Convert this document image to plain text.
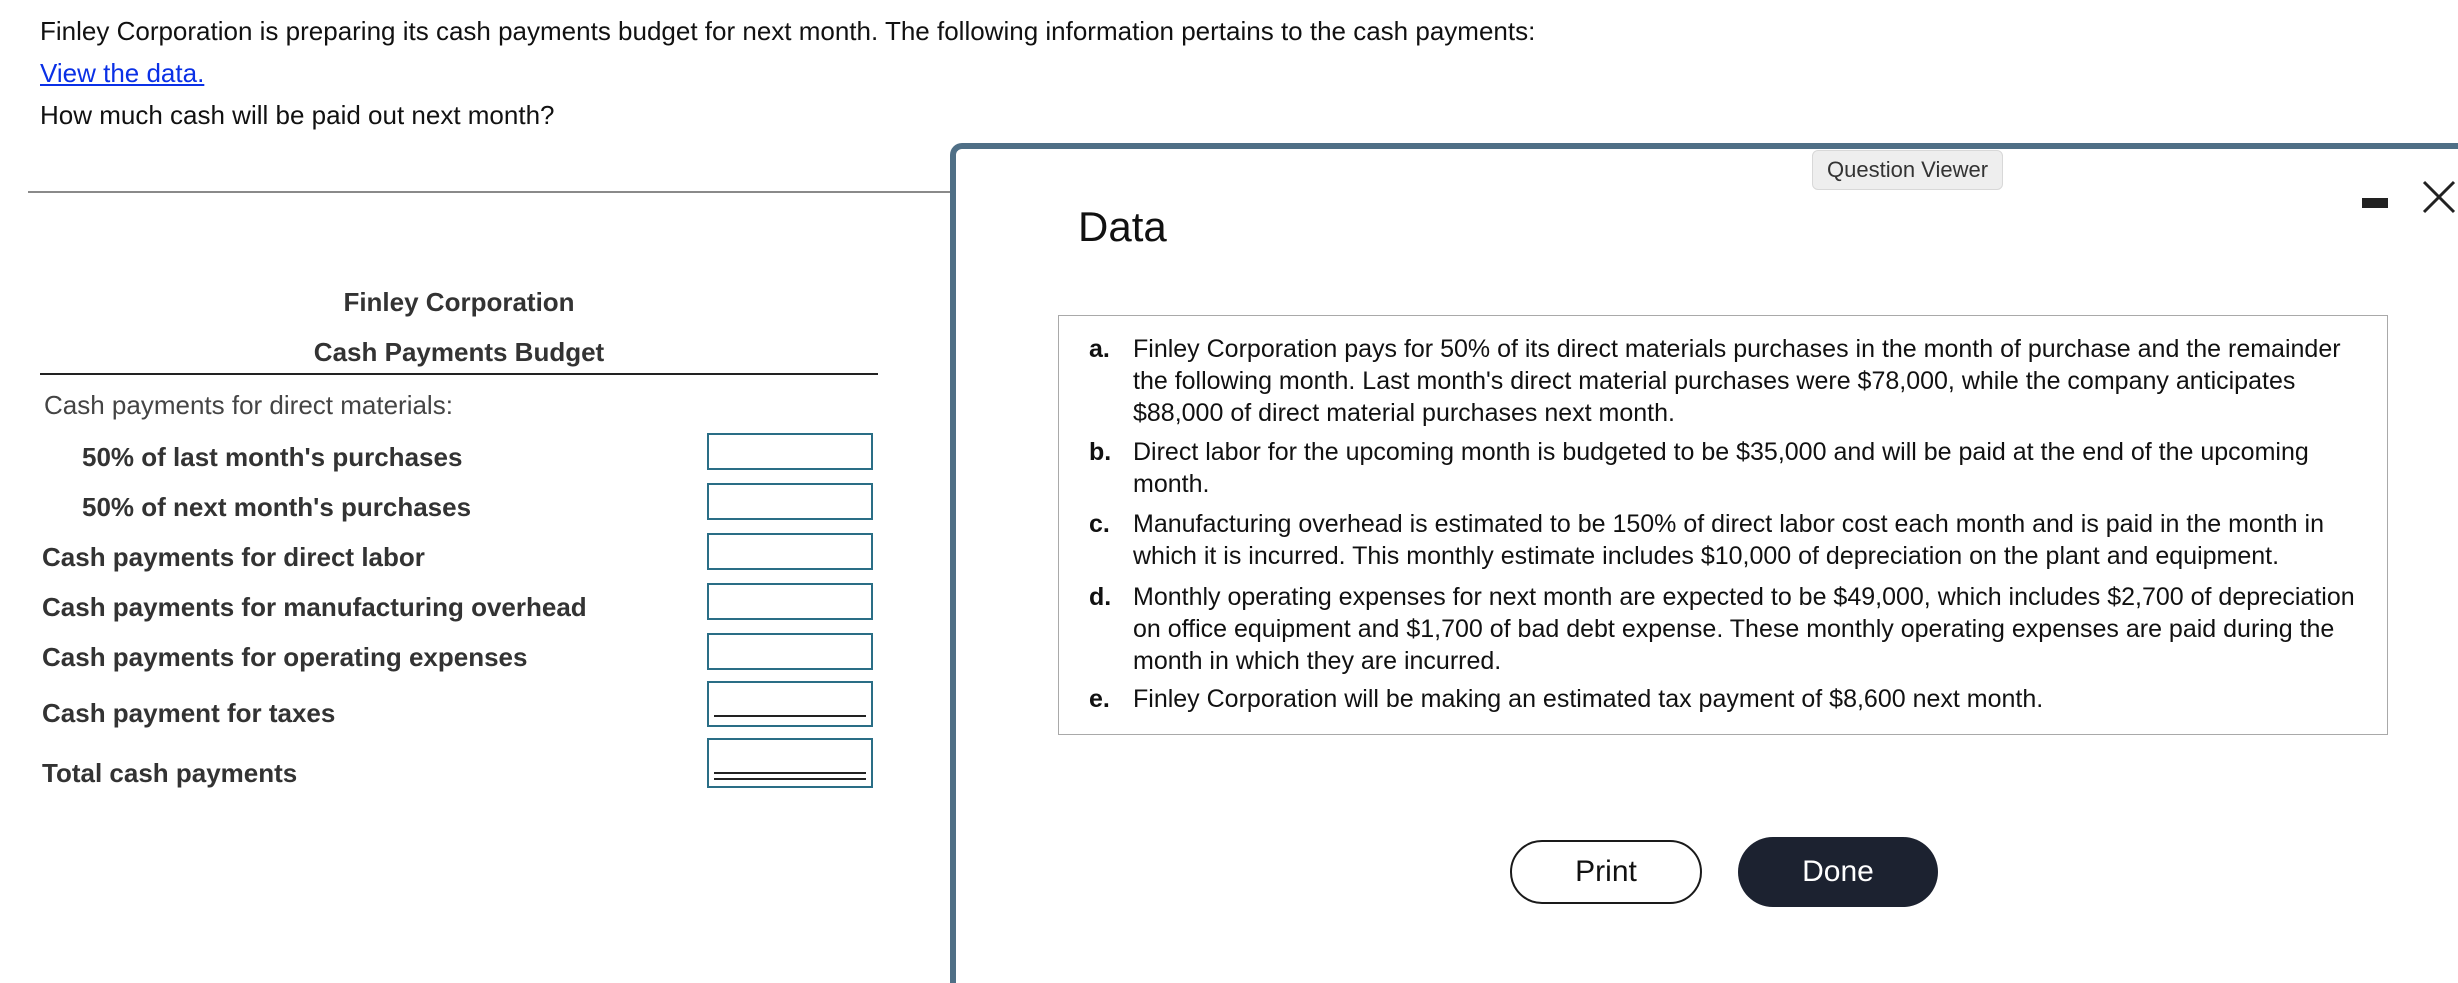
Finley Corporation is preparing its cash payments budget for next month. The following information pertains to the cash payments:
View the data.
How much cash will be paid out next month?
Finley Corporation
Cash Payments Budget
Cash payments for direct materials:
50% of last month's purchases
50% of next month's purchases
Cash payments for direct labor
Cash payments for manufacturing overhead
Cash payments for operating expenses
Cash payment for taxes
Total cash payments
Question Viewer
Data
a. Finley Corporation pays for 50% of its direct materials purchases in the month of purchase and the remainder the following month. Last month's direct material purchases were $78,000, while the company anticipates $88,000 of direct material purchases next month.
b. Direct labor for the upcoming month is budgeted to be $35,000 and will be paid at the end of the upcoming month.
c. Manufacturing overhead is estimated to be 150% of direct labor cost each month and is paid in the month in which it is incurred. This monthly estimate includes $10,000 of depreciation on the plant and equipment.
d. Monthly operating expenses for next month are expected to be $49,000, which includes $2,700 of depreciation on office equipment and $1,700 of bad debt expense. These monthly operating expenses are paid during the month in which they are incurred.
e. Finley Corporation will be making an estimated tax payment of $8,600 next month.
Print	Done
